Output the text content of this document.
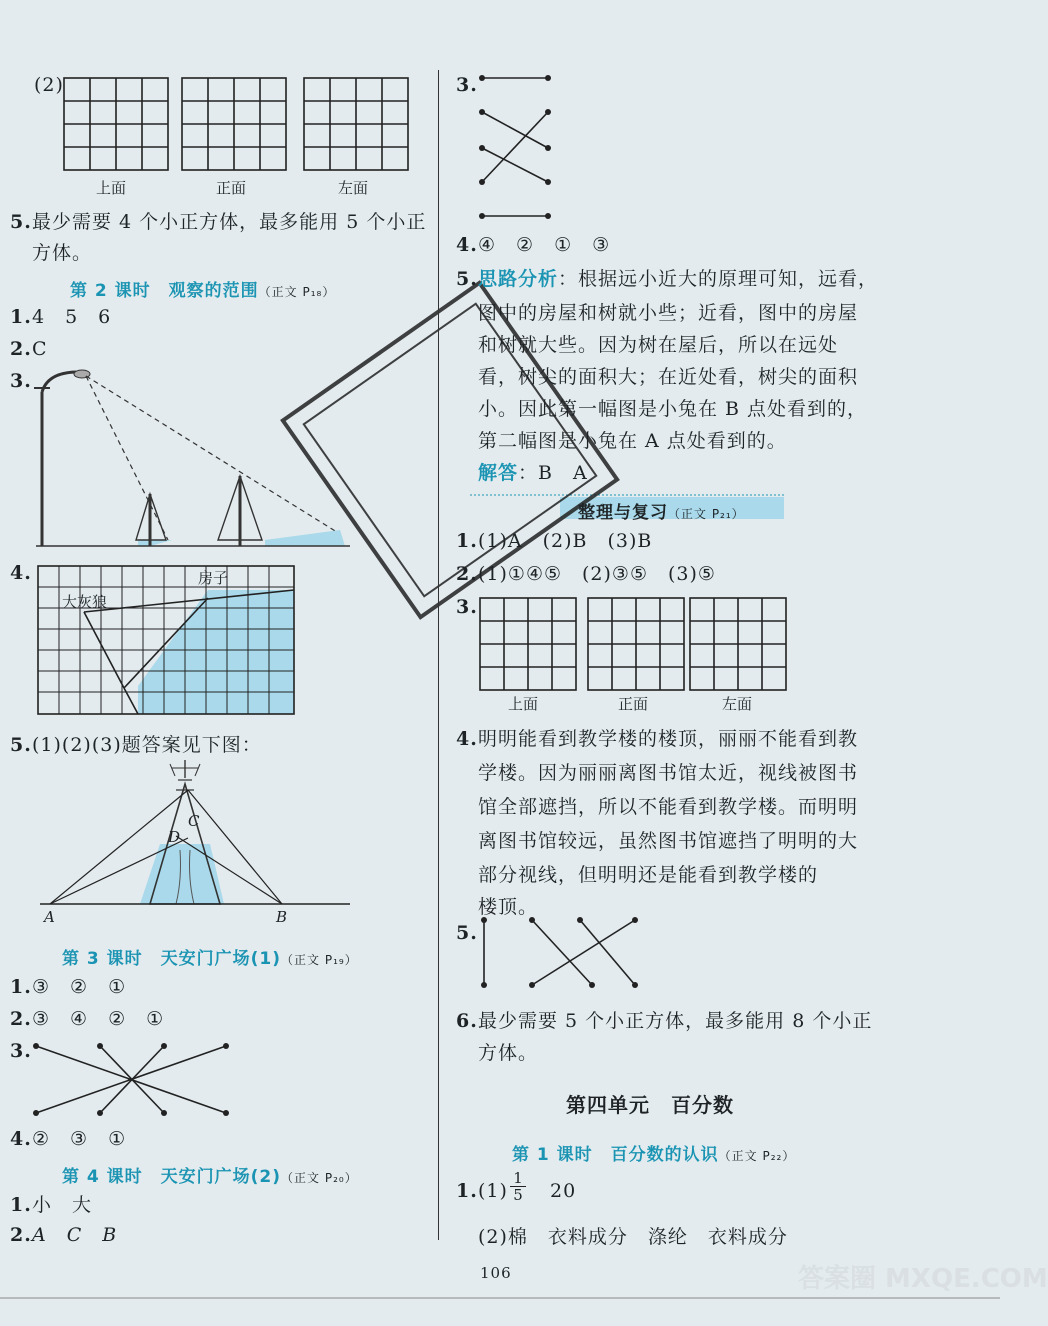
(2)
上面	正面	左面
5. 最少需要 4 个小正方体，最多能用 5 个小正
方体。
第 2 课时　观察的范围（正文 P₁₈）
1. 4　5　6
2. C
3.
4.	房子
大灰狼
5. (1)(2)(3)题答案见下图：
C
D
A	B
第 3 课时　天安门广场(1)（正文 P₁₉）
1. ③　②　①
2. ③　④　②　①
3.
4. ②　③　①
第 4 课时　天安门广场(2)（正文 P₂₀）
1. 小　大
2. A　C　B
3.
4. ④　②　①　③
5. 思路分析：根据远小近大的原理可知，远看，
图中的房屋和树就小些；近看，图中的房屋
和树就大些。因为树在屋后，所以在远处
看，树尖的面积大；在近处看，树尖的面积
小。因此第一幅图是小兔在 B 点处看到的，
第二幅图是小兔在 A 点处看到的。
解答：B　A
整理与复习（正文 P₂₁）
1. (1)A　(2)B　(3)B
2. (1)①④⑤　(2)③⑤　(3)⑤
3.
上面	正面	左面
4. 明明能看到教学楼的楼顶，丽丽不能看到教
学楼。因为丽丽离图书馆太近，视线被图书
馆全部遮挡，所以不能看到教学楼。而明明
离图书馆较远，虽然图书馆遮挡了明明的大
部分视线，但明明还是能看到教学楼的
楼顶。
5.
6. 最少需要 5 个小正方体，最多能用 8 个小正
方体。
第四单元　百分数
第 1 课时　百分数的认识（正文 P₂₂）
1. (1)
1
5 20
(2)棉　衣料成分　涤纶　衣料成分
106	答案圈 MXQE.COM
